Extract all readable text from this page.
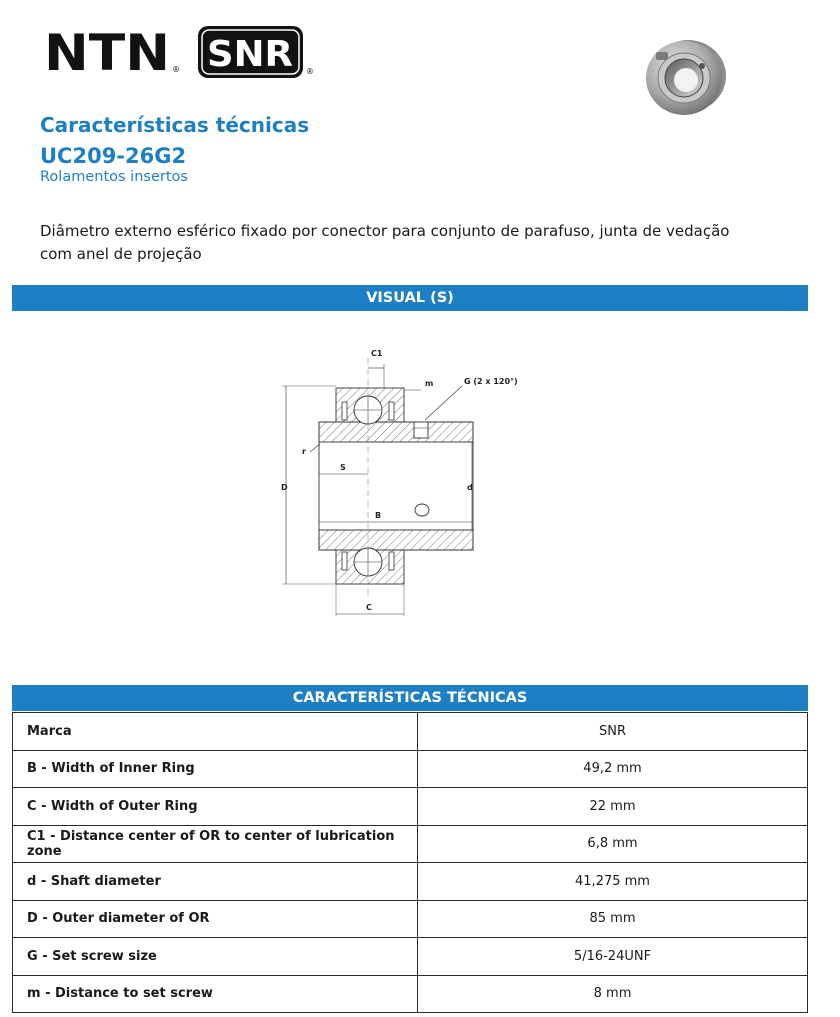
NTN ® SNR ®
Características técnicas
UC209-26G2
Rolamentos insertos

Diâmetro externo esférico fixado por conector para conjunto de parafuso, junta de vedação com anel de projeção

VISUAL (S)
C1
m	G (2 x 120°)
r
S
D	d
B
C
CARACTERÍSTICAS TÉCNICAS
Marca	SNR
B - Width of Inner Ring	49,2 mm
C - Width of Outer Ring	22 mm
C1 - Distance center of OR to center of lubrication zone	6,8 mm
d - Shaft diameter	41,275 mm
D - Outer diameter of OR	85 mm
G - Set screw size	5/16-24UNF
m - Distance to set screw	8 mm
